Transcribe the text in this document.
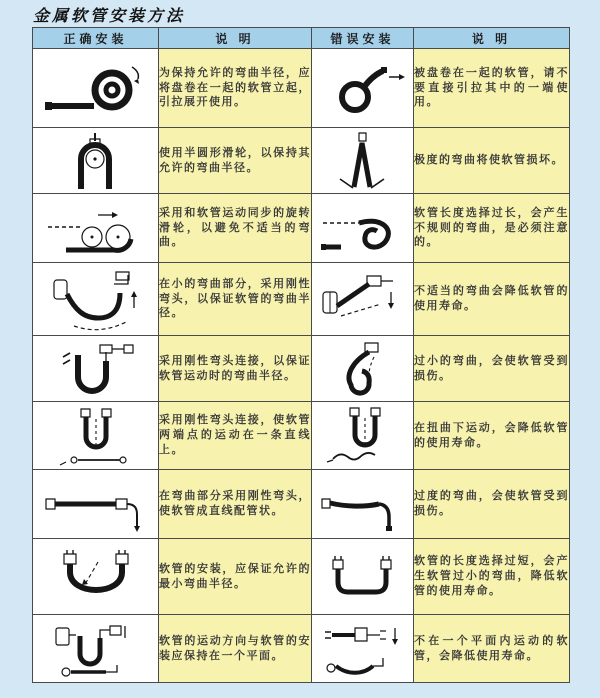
金属软管安装方法
正确安装	说 明	错误安装	说 明

	为保持允许的弯曲半径，应将盘卷在一起的软管立起，引拉展开使用。		被盘卷在一起的软管，请不要直接引拉其中的一端使用。

	使用半圆形滑轮，以保持其允许的弯曲半径。		极度的弯曲将使软管损坏。

	采用和软管运动同步的旋转滑轮，以避免不适当的弯曲。		软管长度选择过长，会产生不规则的弯曲，是必须注意的。

	在小的弯曲部分，采用刚性弯头，以保证软管的弯曲半径。		不适当的弯曲会降低软管的使用寿命。

	采用刚性弯头连接，以保证软管运动时的弯曲半径。		过小的弯曲，会使软管受到损伤。

	采用刚性弯头连接，使软管两端点的运动在一条直线上。		在扭曲下运动，会降低软管的使用寿命。

	在弯曲部分采用刚性弯头，使软管成直线配管状。		过度的弯曲，会使软管受到损伤。

	软管的安装，应保证允许的最小弯曲半径。		软管的长度选择过短，会产生软管过小的弯曲，降低软管的使用寿命。

	软管的运动方向与软管的安装应保持在一个平面。		不在一个平面内运动的软管，会降低使用寿命。
